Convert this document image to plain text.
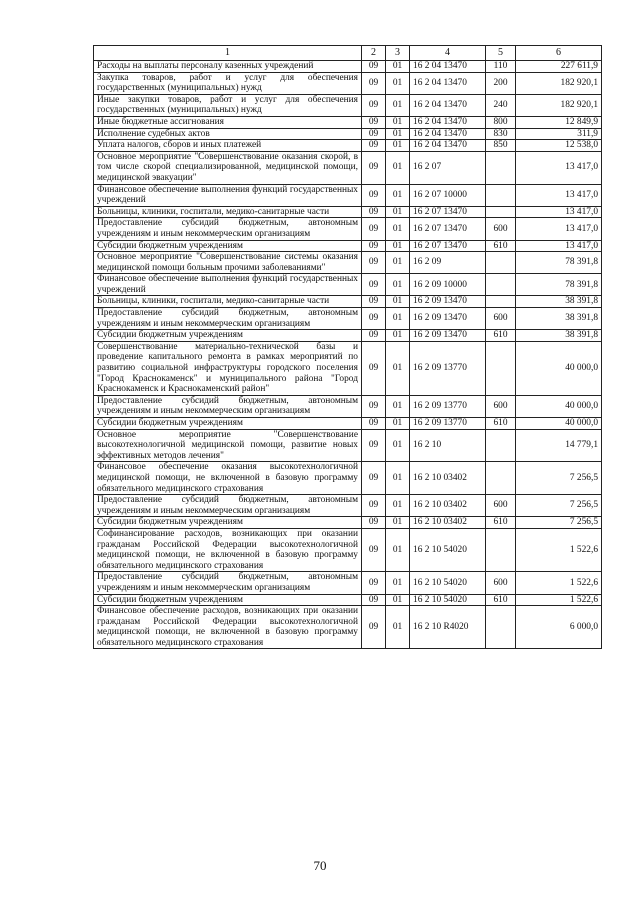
1	2	3	4	5	6
Расходы на выплаты персоналу казенных учреждений	09	01	16 2 04 13470	110	227 611,9
Закупка товаров, работ и услуг для обеспечения государственных (муниципальных) нужд	09	01	16 2 04 13470	200	182 920,1
Иные закупки товаров, работ и услуг для обеспечения государственных (муниципальных) нужд	09	01	16 2 04 13470	240	182 920,1
Иные бюджетные ассигнования	09	01	16 2 04 13470	800	12 849,9
Исполнение судебных актов	09	01	16 2 04 13470	830	311,9
Уплата налогов, сборов и иных платежей	09	01	16 2 04 13470	850	12 538,0
Основное мероприятие "Совершенствование оказания скорой, в том числе скорой специализированной, медицинской помощи, медицинской эвакуации"	09	01	16 2 07		13 417,0
Финансовое обеспечение выполнения функций государственных учреждений	09	01	16 2 07 10000		13 417,0
Больницы, клиники, госпитали, медико-санитарные части	09	01	16 2 07 13470		13 417,0
Предоставление субсидий бюджетным, автономным учреждениям и иным некоммерческим организациям	09	01	16 2 07 13470	600	13 417,0
Субсидии бюджетным учреждениям	09	01	16 2 07 13470	610	13 417,0
Основное мероприятие "Совершенствование системы оказания медицинской помощи больным прочими заболеваниями"	09	01	16 2 09		78 391,8
Финансовое обеспечение выполнения функций государственных учреждений	09	01	16 2 09 10000		78 391,8
Больницы, клиники, госпитали, медико-санитарные части	09	01	16 2 09 13470		38 391,8
Предоставление субсидий бюджетным, автономным учреждениям и иным некоммерческим организациям	09	01	16 2 09 13470	600	38 391,8
Субсидии бюджетным учреждениям	09	01	16 2 09 13470	610	38 391,8
Совершенствование материально-технической базы и проведение капитального ремонта в рамках мероприятий по развитию социальной инфраструктуры городского поселения "Город Краснокаменск" и муниципального района "Город Краснокаменск и Краснокаменский район"	09	01	16 2 09 13770		40 000,0
Предоставление субсидий бюджетным, автономным учреждениям и иным некоммерческим организациям	09	01	16 2 09 13770	600	40 000,0
Субсидии бюджетным учреждениям	09	01	16 2 09 13770	610	40 000,0
Основное мероприятие "Совершенствование высокотехнологичной медицинской помощи, развитие новых эффективных методов лечения"	09	01	16 2 10		14 779,1
Финансовое обеспечение оказания высокотехнологичной медицинской помощи, не включенной в базовую программу обязательного медицинского страхования	09	01	16 2 10 03402		7 256,5
Предоставление субсидий бюджетным, автономным учреждениям и иным некоммерческим организациям	09	01	16 2 10 03402	600	7 256,5
Субсидии бюджетным учреждениям	09	01	16 2 10 03402	610	7 256,5
Софинансирование расходов, возникающих при оказании гражданам Российской Федерации высокотехнологичной медицинской помощи, не включенной в базовую программу обязательного медицинского страхования	09	01	16 2 10 54020		1 522,6
Предоставление субсидий бюджетным, автономным учреждениям и иным некоммерческим организациям	09	01	16 2 10 54020	600	1 522,6
Субсидии бюджетным учреждениям	09	01	16 2 10 54020	610	1 522,6
Финансовое обеспечение расходов, возникающих при оказании гражданам Российской Федерации высокотехнологичной медицинской помощи, не включенной в базовую программу обязательного медицинского страхования	09	01	16 2 10 R4020		6 000,0
70
